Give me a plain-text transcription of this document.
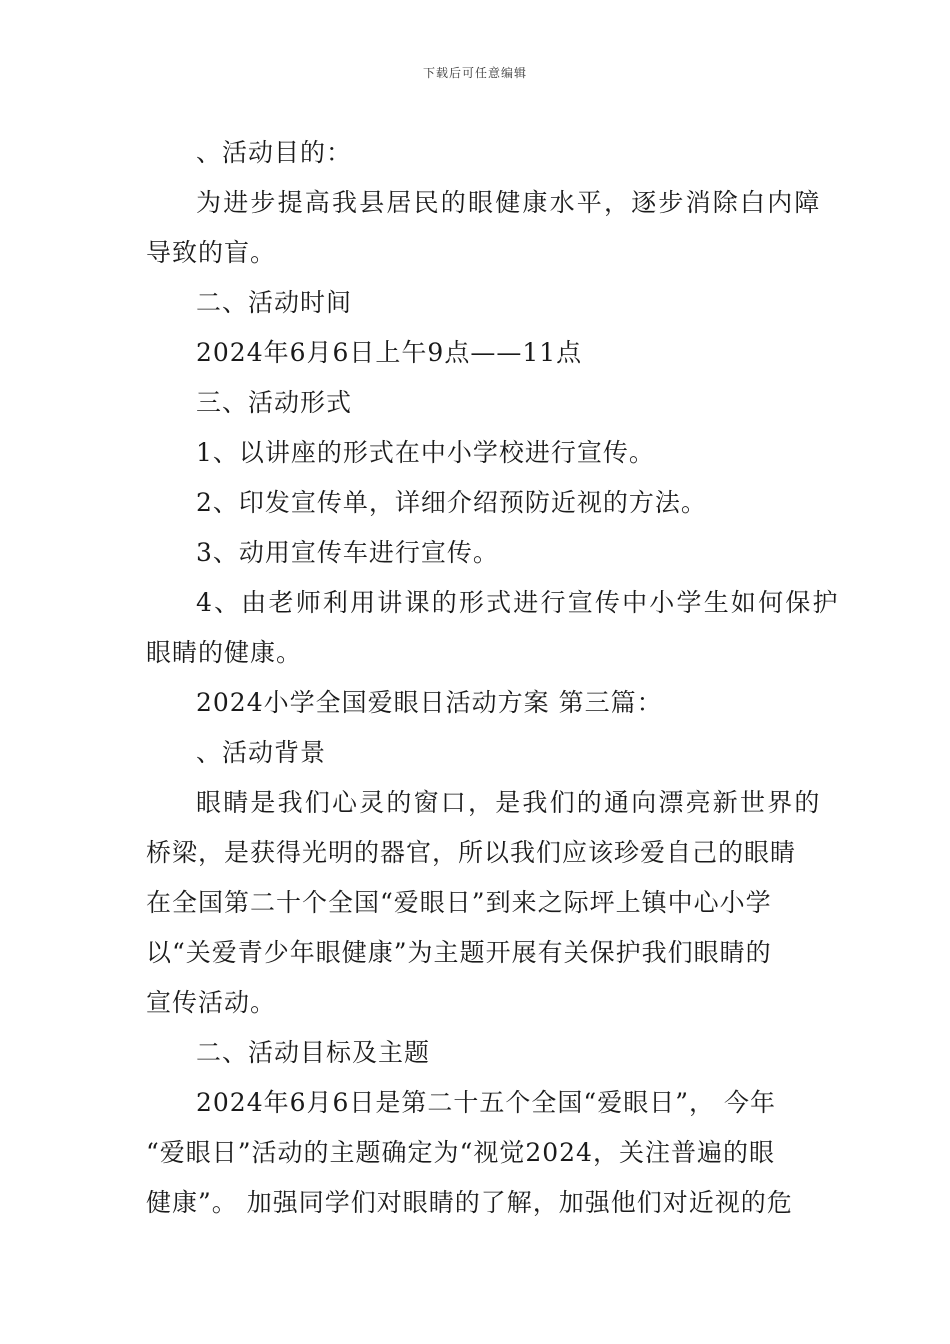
下载后可任意编辑
、活动目的：
为进步提高我县居民的眼健康水平，逐步消除白内障
导致的盲。
二、活动时间
2024年6月6日上午9点——11点
三、活动形式
1、以讲座的形式在中小学校进行宣传。
2、印发宣传单，详细介绍预防近视的方法。
3、动用宣传车进行宣传。
4、由老师利用讲课的形式进行宣传中小学生如何保护
眼睛的健康。
2024小学全国爱眼日活动方案 第三篇：
、活动背景
眼睛是我们心灵的窗口，是我们的通向漂亮新世界的
桥梁，是获得光明的器官，所以我们应该珍爱自己的眼睛
在全国第二十个全国“爱眼日”到来之际坪上镇中心小学
以“关爱青少年眼健康”为主题开展有关保护我们眼睛的
宣传活动。
二、活动目标及主题
2024年6月6日是第二十五个全国“爱眼日”， 今年
“爱眼日”活动的主题确定为“视觉2024，关注普遍的眼
健康”。 加强同学们对眼睛的了解，加强他们对近视的危
